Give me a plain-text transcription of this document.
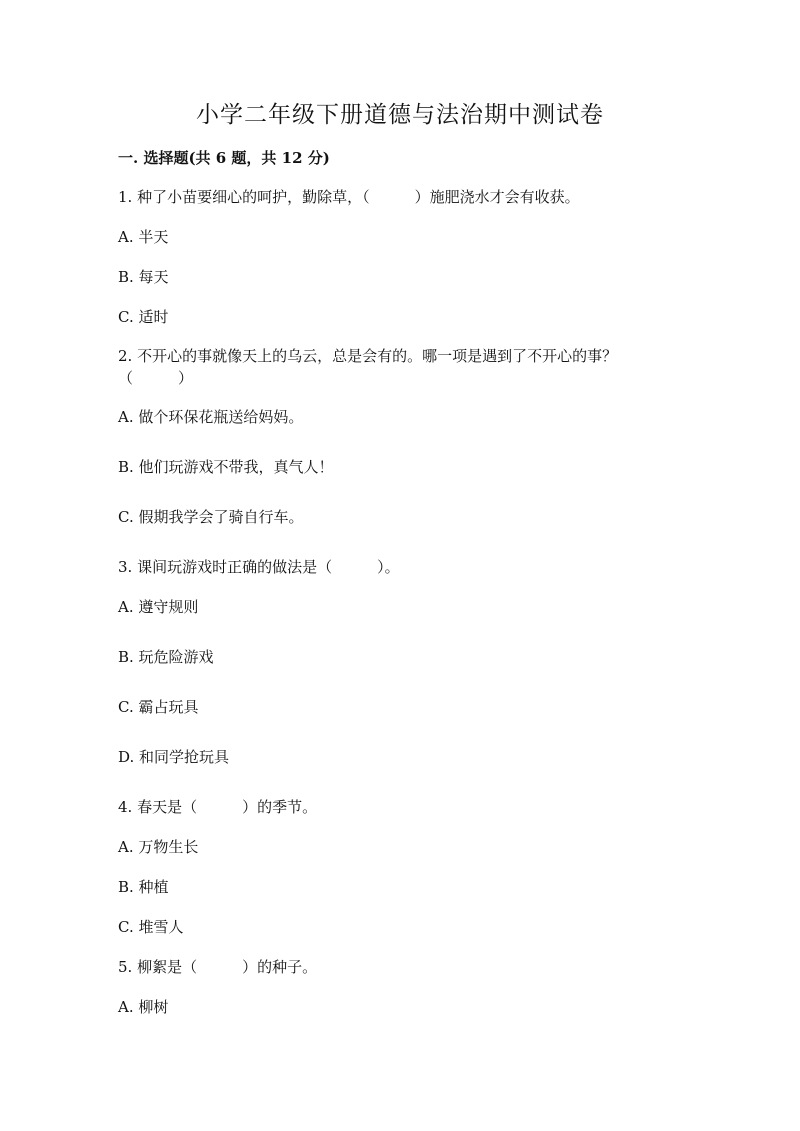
小学二年级下册道德与法治期中测试卷
一. 选择题(共 6 题，共 12 分)
1. 种了小苗要细心的呵护，勤除草，（　　　）施肥浇水才会有收获。
A. 半天
B. 每天
C. 适时
2. 不开心的事就像天上的乌云，总是会有的。哪一项是遇到了不开心的事？（　　　）
A. 做个环保花瓶送给妈妈。
B. 他们玩游戏不带我，真气人！
C. 假期我学会了骑自行车。
3. 课间玩游戏时正确的做法是（　　　）。
A. 遵守规则
B. 玩危险游戏
C. 霸占玩具
D. 和同学抢玩具
4. 春天是（　　　）的季节。
A. 万物生长
B. 种植
C. 堆雪人
5. 柳絮是（　　　）的种子。
A. 柳树
